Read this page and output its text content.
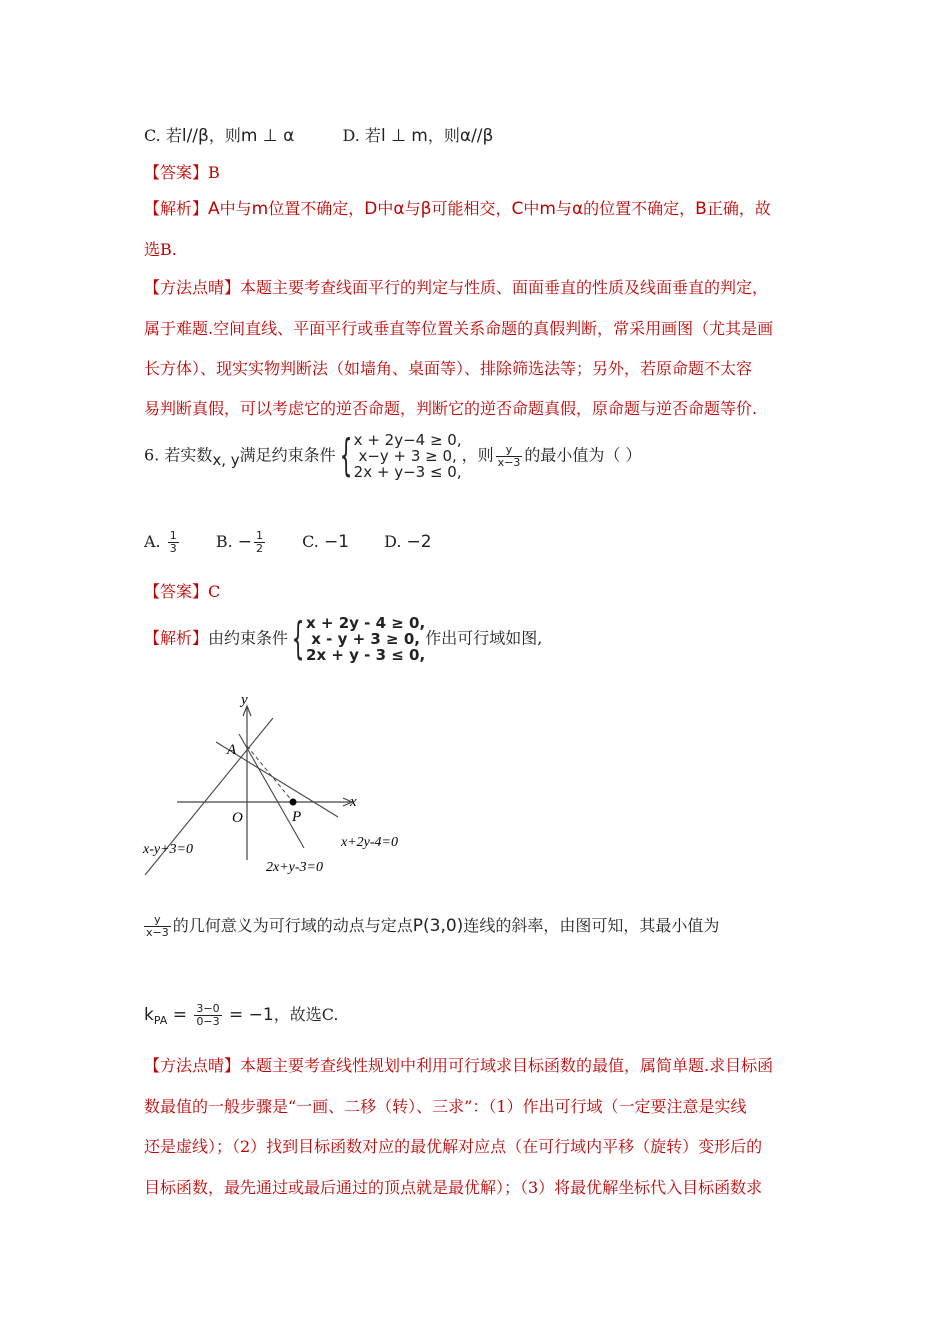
C. 若l//β，则m ⊥ α	D. 若l ⊥ m，则α//β
【答案】B
【解析】A中与m位置不确定，D中α与β可能相交，C中m与α的位置不确定，B正确，故
选B.
【方法点晴】本题主要考查线面平行的判定与性质、面面垂直的性质及线面垂直的判定，
属于难题.空间直线、平面平行或垂直等位置关系命题的真假判断，常采用画图（尤其是画
长方体）、现实实物判断法（如墙角、桌面等）、排除筛选法等；另外，若原命题不太容
易判断真假，可以考虑它的逆否命题，判断它的逆否命题真假，原命题与逆否命题等价.
6. 若实数x, y满足约束条件 { x + 2y−4 ≥ 0,
x−y + 3 ≥ 0,
2x + y−3 ≤ 0,
，则 $\frac{y}{x-3}$ 的最小值为（ ）
A. $\frac{1}{3} B$. − $\frac{1}{2} C$. −1 D. −2
【答案】C
【解析】由约束条件 { x + 2y - 4 ≥ 0,
x - y + 3 ≥ 0,
2x + y - 3 ≤ 0,
作出可行域如图,
y
x
O
A
P
x-y+3=0
2x+y-3=0
x+2y-4=0
$\frac{y}{x-3}$ 的几何意义为可行域的动点与定点P(3,0)连线的斜率，由图可知，其最小值为
$k_{PA} = \frac{3-0}{0-3} = -1$，故选C.
【方法点晴】本题主要考查线性规划中利用可行域求目标函数的最值，属简单题.求目标函
数最值的一般步骤是“一画、二移（转）、三求”：（1）作出可行域（一定要注意是实线
还是虚线）；（2）找到目标函数对应的最优解对应点（在可行域内平移（旋转）变形后的
目标函数，最先通过或最后通过的顶点就是最优解）；（3）将最优解坐标代入目标函数求
